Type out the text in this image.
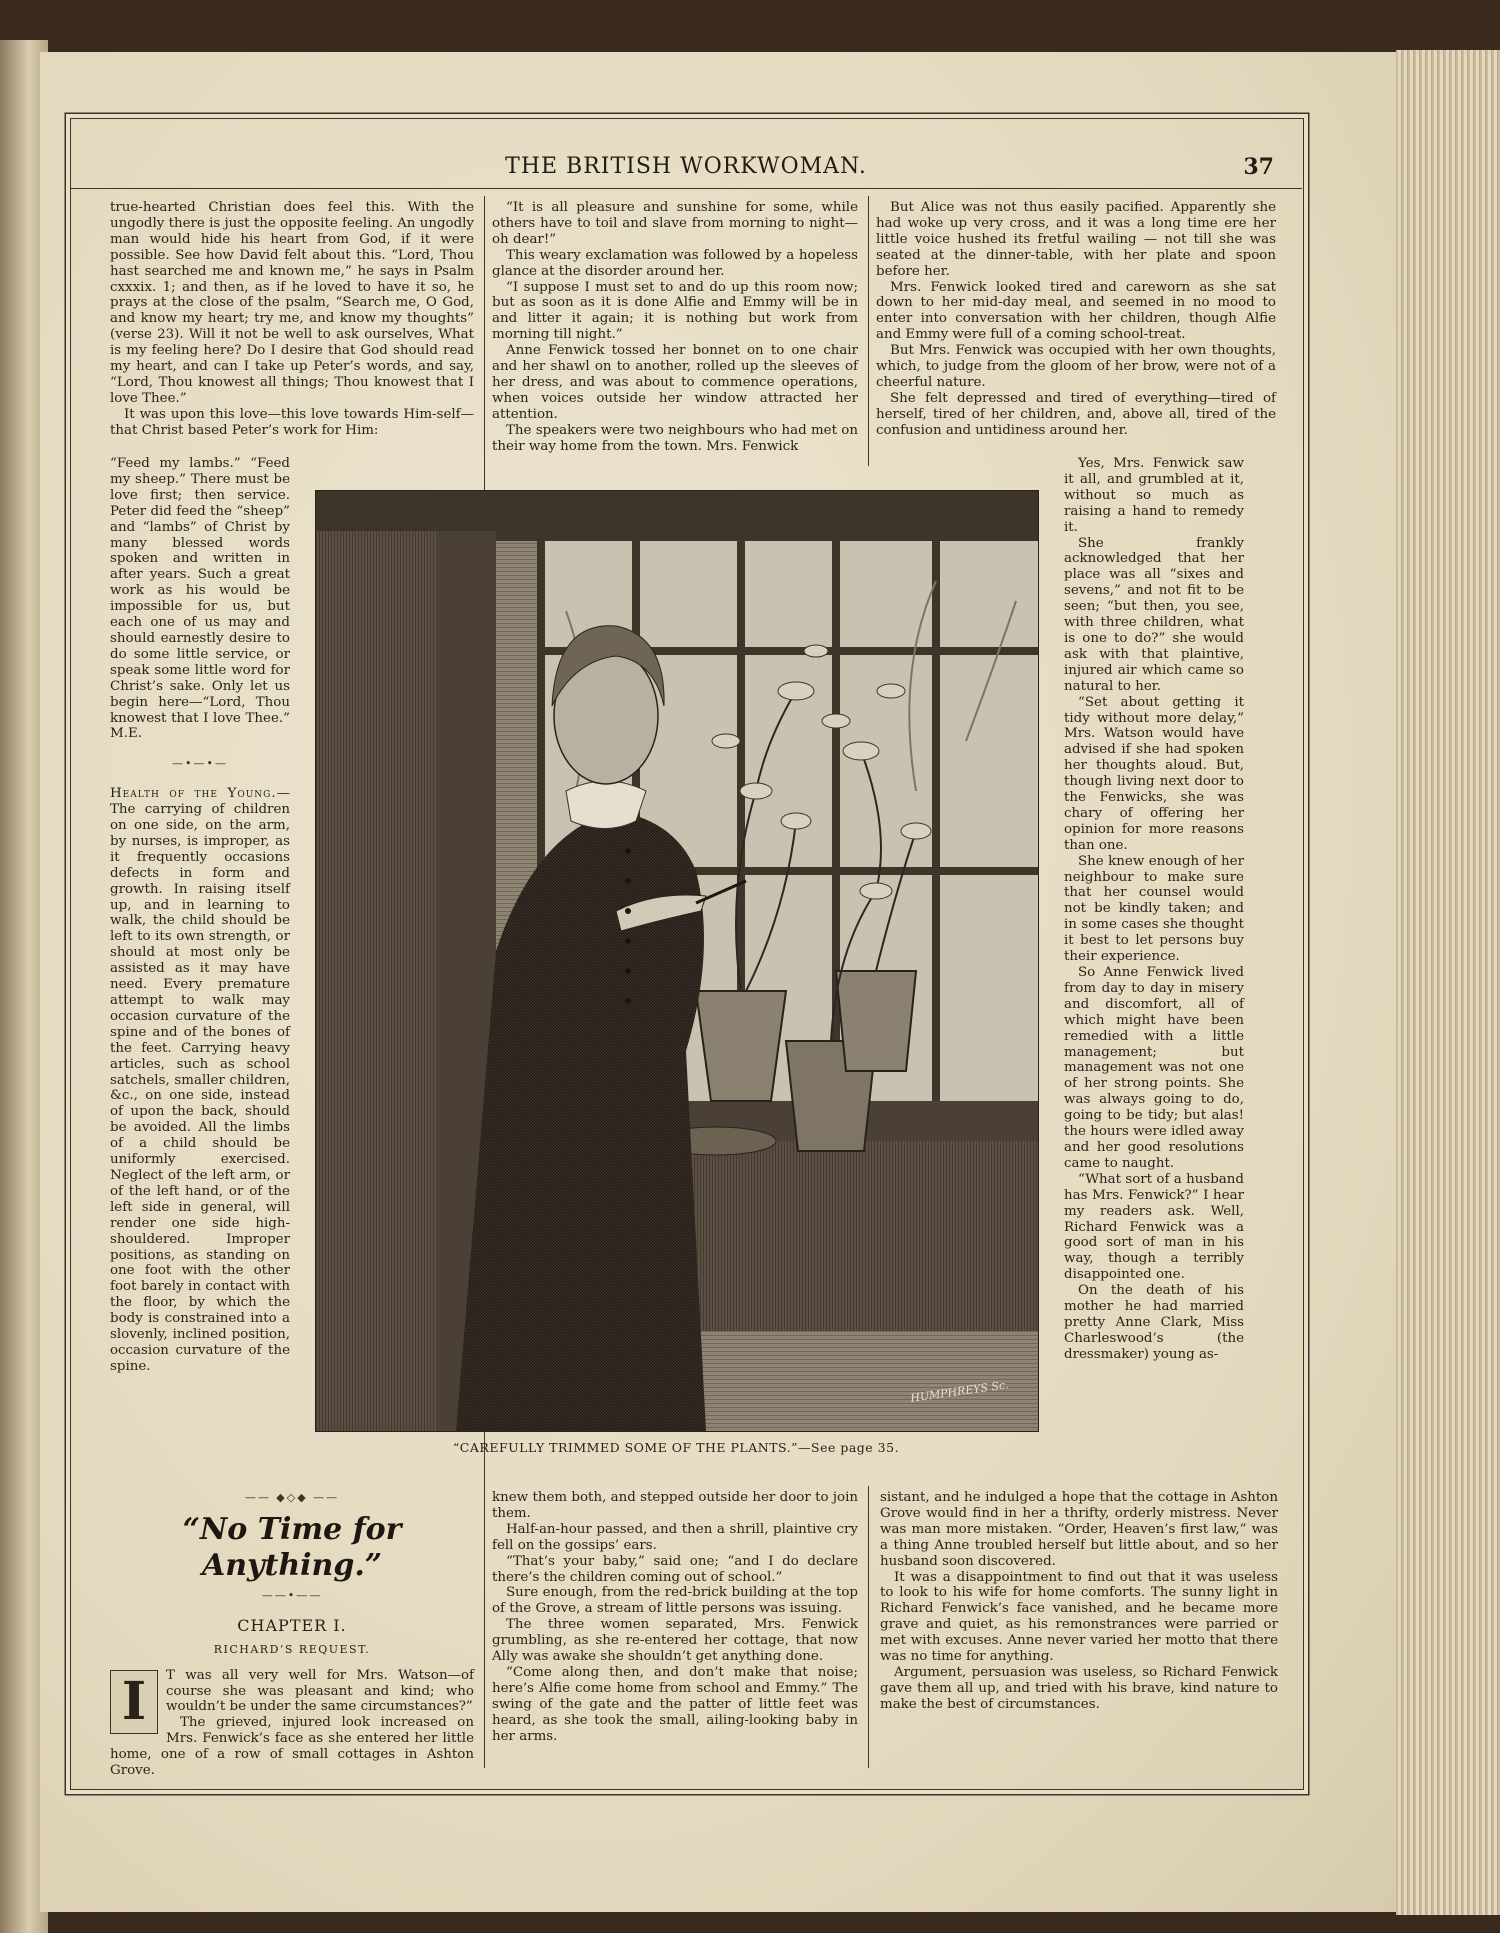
THE BRITISH WORKWOMAN.	37

true-hearted Christian does feel this. With the ungodly there is just the opposite feeling. An ungodly man would hide his heart from God, if it were possible. See how David felt about this. “Lord, Thou hast searched me and known me,” he says in Psalm cxxxix. 1; and then, as if he loved to have it so, he prays at the close of the psalm, “Search me, O God, and know my heart; try me, and know my thoughts” (verse 23). Will it not be well to ask ourselves, What is my feeling here? Do I desire that God should read my heart, and can I take up Peter’s words, and say, “Lord, Thou knowest all things; Thou knowest that I love Thee.”

It was upon this love—this love towards Him-self—that Christ based Peter’s work for Him:

“Feed my lambs.” “Feed my sheep.” There must be love first; then service. Peter did feed the “sheep” and “lambs” of Christ by many blessed words spoken and written in after years. Such a great work as his would be impossible for us, but each one of us may and should earnestly desire to do some little service, or speak some little word for Christ’s sake. Only let us begin here—“Lord, Thou knowest that I love Thee.” M.E.

—•—•—

Health of the Young.— The carrying of children on one side, on the arm, by nurses, is improper, as it frequently occasions defects in form and growth. In raising itself up, and in learning to walk, the child should be left to its own strength, or should at most only be assisted as it may have need. Every premature attempt to walk may occasion curvature of the spine and of the bones of the feet. Carrying heavy articles, such as school satchels, smaller children, &c., on one side, instead of upon the back, should be avoided. All the limbs of a child should be uniformly exercised. Neglect of the left arm, or of the left hand, or of the left side in general, will render one side high-shouldered. Improper positions, as standing on one foot with the other foot barely in contact with the floor, by which the body is constrained into a slovenly, inclined position, occasion curvature of the spine.

—— ◆◇◆ ——
“No Time for Anything.”
——•——
CHAPTER I.
RICHARD’S REQUEST.

I	T was all very well for Mrs. Watson—of course she was pleasant and kind; who wouldn’t be under the same circumstances?”

The grieved, injured look increased on Mrs. Fenwick’s face as she entered her little home, one of a row of small cottages in Ashton Grove.

“It is all pleasure and sunshine for some, while others have to toil and slave from morning to night—oh dear!”

This weary exclamation was followed by a hopeless glance at the disorder around her.

“I suppose I must set to and do up this room now; but as soon as it is done Alfie and Emmy will be in and litter it again; it is nothing but work from morning till night.”

Anne Fenwick tossed her bonnet on to one chair and her shawl on to another, rolled up the sleeves of her dress, and was about to commence operations, when voices outside her window attracted her attention.

The speakers were two neighbours who had met on their way home from the town. Mrs. Fenwick

But Alice was not thus easily pacified. Apparently she had woke up very cross, and it was a long time ere her little voice hushed its fretful wailing — not till she was seated at the dinner-table, with her plate and spoon before her.

Mrs. Fenwick looked tired and careworn as she sat down to her mid-day meal, and seemed in no mood to enter into conversation with her children, though Alfie and Emmy were full of a coming school-treat.

But Mrs. Fenwick was occupied with her own thoughts, which, to judge from the gloom of her brow, were not of a cheerful nature.

She felt depressed and tired of everything—tired of herself, tired of her children, and, above all, tired of the confusion and untidiness around her.

Yes, Mrs. Fenwick saw it all, and grumbled at it, without so much as raising a hand to remedy it.

She frankly acknowledged that her place was all “sixes and sevens,” and not fit to be seen; “but then, you see, with three children, what is one to do?” she would ask with that plaintive, injured air which came so natural to her.

“Set about getting it tidy without more delay,” Mrs. Watson would have advised if she had spoken her thoughts aloud. But, though living next door to the Fenwicks, she was chary of offering her opinion for more reasons than one.

She knew enough of her neighbour to make sure that her counsel would not be kindly taken; and in some cases she thought it best to let persons buy their experience.

So Anne Fenwick lived from day to day in misery and discomfort, all of which might have been remedied with a little management; but management was not one of her strong points. She was always going to do, going to be tidy; but alas! the hours were idled away and her good resolutions came to naught.

“What sort of a husband has Mrs. Fenwick?” I hear my readers ask. Well, Richard Fenwick was a good sort of man in his way, though a terribly disappointed one.

On the death of his mother he had married pretty Anne Clark, Miss Charleswood’s (the dressmaker) young as-

HUMPHREYS Sc.
“CAREFULLY TRIMMED SOME OF THE PLANTS.”—See page 35.

knew them both, and stepped outside her door to join them.

Half-an-hour passed, and then a shrill, plaintive cry fell on the gossips’ ears.

“That’s your baby,” said one; “and I do declare there’s the children coming out of school.”

Sure enough, from the red-brick building at the top of the Grove, a stream of little persons was issuing.

The three women separated, Mrs. Fenwick grumbling, as she re-entered her cottage, that now Ally was awake she shouldn’t get anything done.

“Come along then, and don’t make that noise; here’s Alfie come home from school and Emmy.” The swing of the gate and the patter of little feet was heard, as she took the small, ailing-looking baby in her arms.

sistant, and he indulged a hope that the cottage in Ashton Grove would find in her a thrifty, orderly mistress. Never was man more mistaken. “Order, Heaven’s first law,” was a thing Anne troubled herself but little about, and so her husband soon discovered.

It was a disappointment to find out that it was useless to look to his wife for home comforts. The sunny light in Richard Fenwick’s face vanished, and he became more grave and quiet, as his remonstrances were parried or met with excuses. Anne never varied her motto that there was no time for anything.

Argument, persuasion was useless, so Richard Fenwick gave them all up, and tried with his brave, kind nature to make the best of circumstances.
